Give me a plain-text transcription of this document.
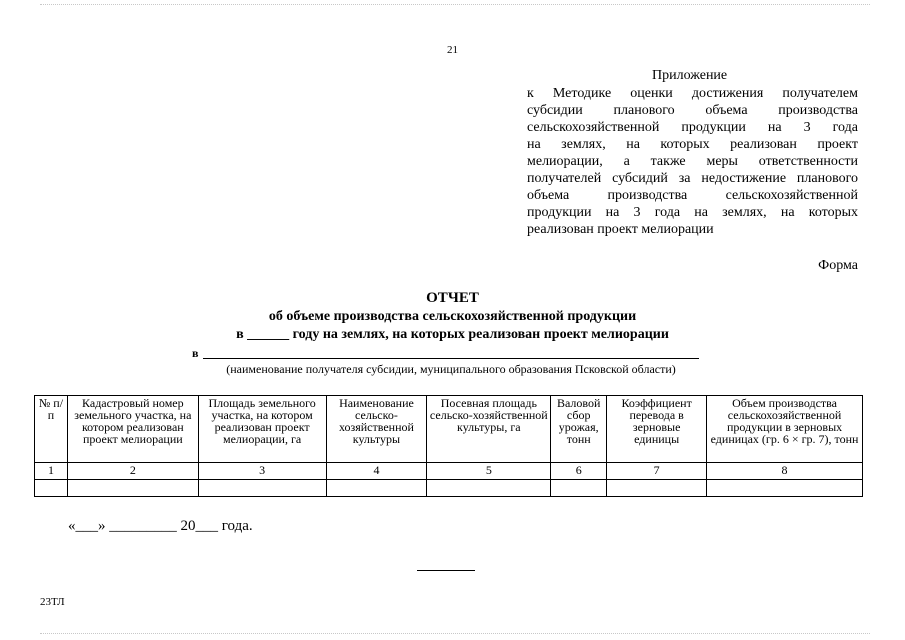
21
Приложение
к Методике оценки достижения получателем
субсидии планового объема производства
сельскохозяйственной продукции на 3 года
на землях, на которых реализован проект
мелиорации, а также меры ответственности
получателей субсидий за недостижение планового
объема производства сельскохозяйственной
продукции на 3 года на землях, на которых
реализован проект мелиорации
Форма
ОТЧЕТ
об объеме производства сельскохозяйственной продукции
в ______ году на землях, на которых реализован проект мелиорации
в
(наименование получателя субсидии, муниципального образования Псковской области)
№ п/п	Кадастровый номер земельного участка, на котором реализован проект мелиорации	Площадь земельного участка, на котором реализован проект мелиорации, га	Наименование сельско-хозяйственной культуры	Посевная площадь сельско-хозяйственной культуры, га	Валовой сбор урожая, тонн	Коэффициент перевода в зерновые единицы	Объем производства сельскохозяйственной продукции в зерновых единицах (гр. 6 × гр. 7), тонн
1	2	3	4	5	6	7	8

«___» _________ 20___ года.
23ТЛ
